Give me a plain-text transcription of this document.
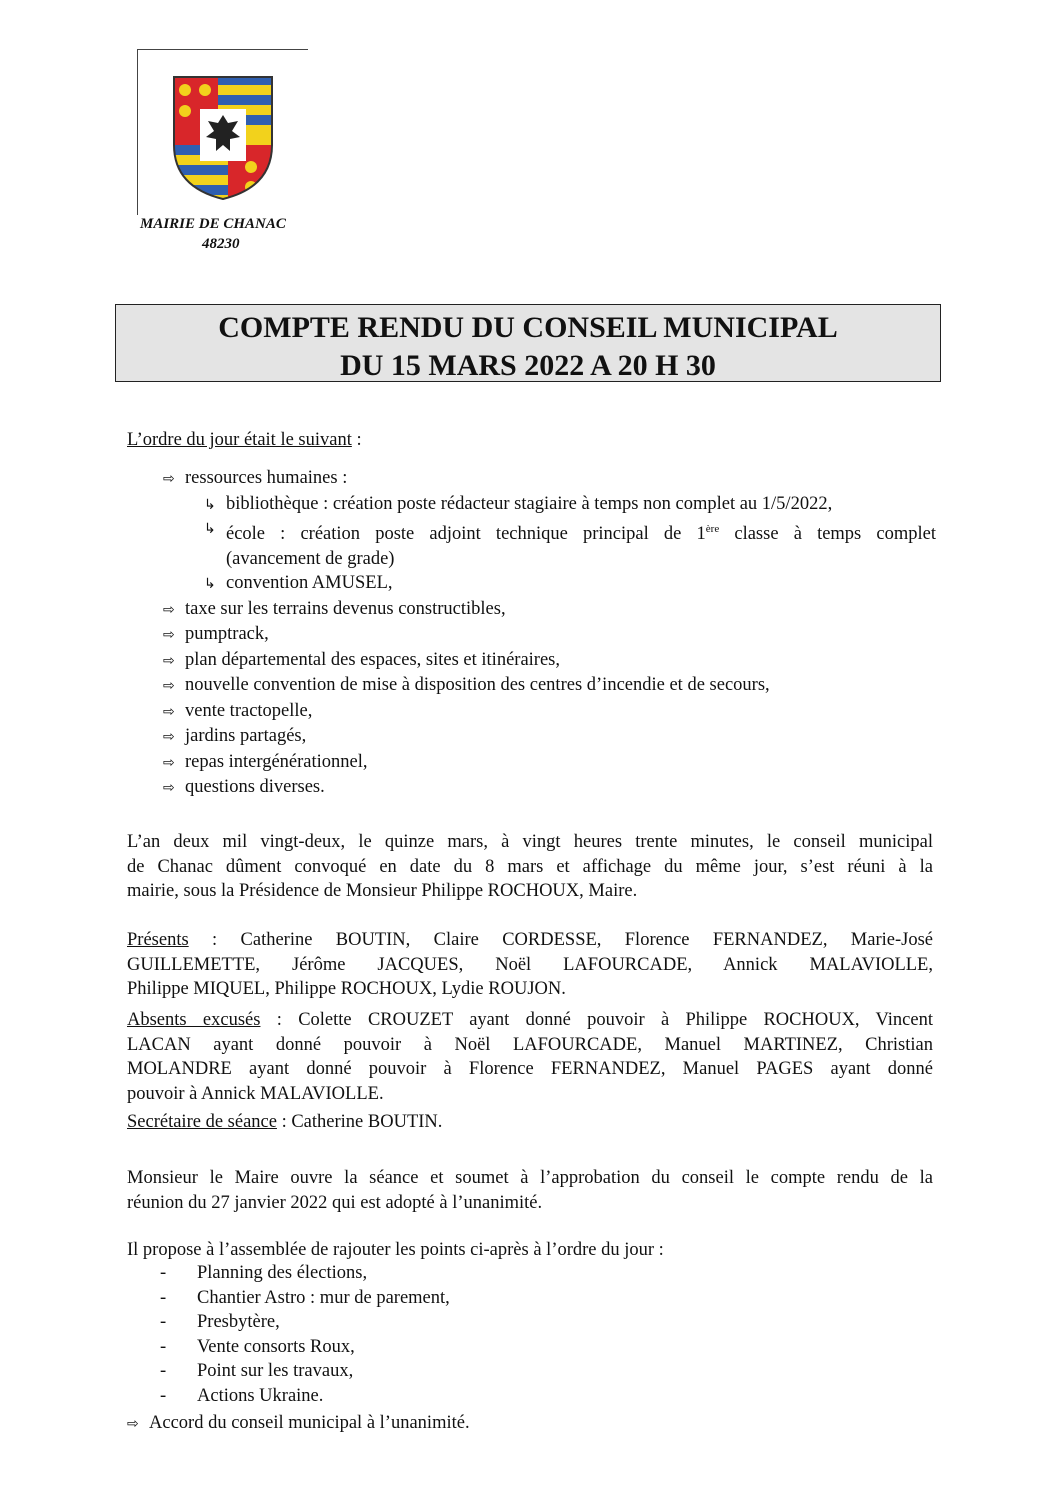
MAIRIE DE CHANAC
48230
COMPTE RENDU DU CONSEIL MUNICIPAL
DU 15 MARS 2022 A 20 H 30
L’ordre du jour était le suivant :
⇨ ressources humaines :
↳ bibliothèque : création poste rédacteur stagiaire à temps non complet au 1/5/2022,
↳ école : création poste adjoint technique principal de 1ère classe à temps complet
(avancement de grade)
↳ convention AMUSEL,
⇨ taxe sur les terrains devenus constructibles,
⇨ pumptrack,
⇨ plan départemental des espaces, sites et itinéraires,
⇨ nouvelle convention de mise à disposition des centres d’incendie et de secours,
⇨ vente tractopelle,
⇨ jardins partagés,
⇨ repas intergénérationnel,
⇨ questions diverses.
L’an deux mil vingt-deux, le quinze mars, à vingt heures trente minutes, le conseil municipal
de Chanac dûment convoqué en date du 8 mars et affichage du même jour, s’est réuni à la
mairie, sous la Présidence de Monsieur Philippe ROCHOUX, Maire.
Présents : Catherine BOUTIN, Claire CORDESSE, Florence FERNANDEZ, Marie-José
GUILLEMETTE, Jérôme JACQUES, Noël LAFOURCADE, Annick MALAVIOLLE,
Philippe MIQUEL, Philippe ROCHOUX, Lydie ROUJON.
Absents excusés : Colette CROUZET ayant donné pouvoir à Philippe ROCHOUX, Vincent
LACAN ayant donné pouvoir à Noël LAFOURCADE, Manuel MARTINEZ, Christian
MOLANDRE ayant donné pouvoir à Florence FERNANDEZ, Manuel PAGES ayant donné
pouvoir à Annick MALAVIOLLE.
Secrétaire de séance : Catherine BOUTIN.
Monsieur le Maire ouvre la séance et soumet à l’approbation du conseil le compte rendu de la
réunion du 27 janvier 2022 qui est adopté à l’unanimité.
Il propose à l’assemblée de rajouter les points ci-après à l’ordre du jour :
-	Planning des élections,
-	Chantier Astro : mur de parement,
-	Presbytère,
-	Vente consorts Roux,
-	Point sur les travaux,
-	Actions Ukraine.
⇨ Accord du conseil municipal à l’unanimité.
